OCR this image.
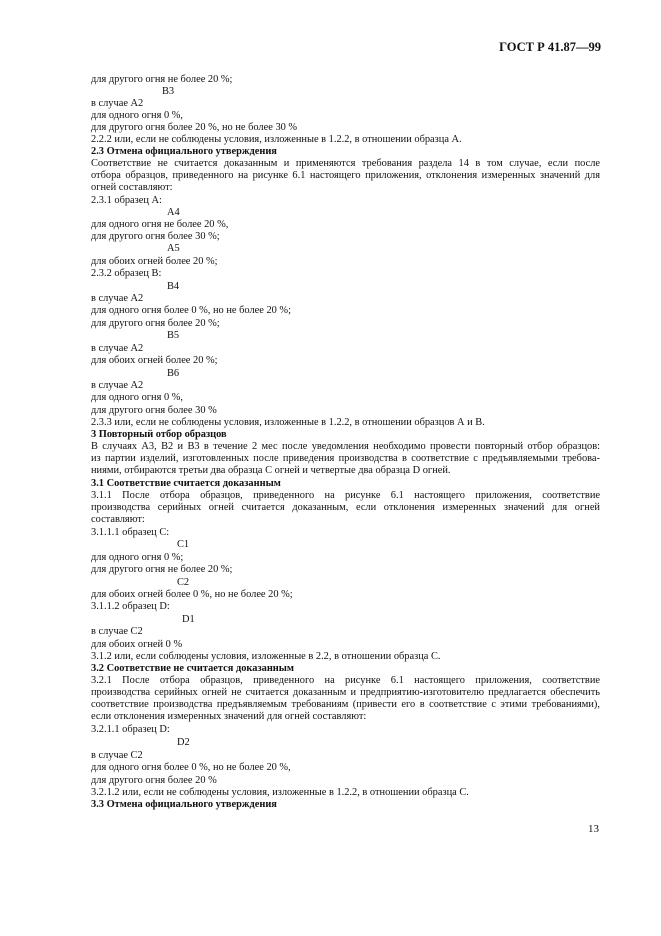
ГОСТ Р 41.87—99
для другого огня не более 20 %;
B3
в случае А2
для одного огня 0 %,
для другого огня более 20 %, но не более 30 %
2.2.2 или, если не соблюдены условия, изложенные в 1.2.2, в отношении образца А.
2.3 Отмена официального утверждения
Соответствие не считается доказанным и применяются требования раздела 14 в том случае, если после
отбора образцов, приведенного на рисунке 6.1 настоящего приложения, отклонения измеренных значений для
огней составляют:
2.3.1 образец А:
A4
для одного огня не более 20 %,
для другого огня более 30 %;
A5
для обоих огней более 20 %;
2.3.2 образец В:
B4
в случае А2
для одного огня более 0 %, но не более 20 %;
для другого огня более 20 %;
B5
в случае А2
для обоих огней более 20 %;
B6
в случае А2
для одного огня 0 %,
для другого огня более 30 %
2.3.3 или, если не соблюдены условия, изложенные в 1.2.2, в отношении образцов А и В.
3 Повторный отбор образцов
В случаях А3, В2 и В3 в течение 2 мес после уведомления необходимо провести повторный отбор образцов:
из партии изделий, изготовленных после приведения производства в соответствие с предъявляемыми требова-
ниями, отбираются третьи два образца С огней и четвертые два образца D огней.
3.1 Соответствие считается доказанным
3.1.1 После отбора образцов, приведенного на рисунке 6.1 настоящего приложения, соответствие
производства серийных огней считается доказанным, если отклонения измеренных значений для огней
составляют:
3.1.1.1 образец С:
C1
для одного огня 0 %;
для другого огня не более 20 %;
C2
для обоих огней более 0 %, но не более 20 %;
3.1.1.2 образец D:
D1
в случае С2
для обоих огней 0 %
3.1.2 или, если соблюдены условия, изложенные в 2.2, в отношении образца С.
3.2 Соответствие не считается доказанным
3.2.1 После отбора образцов, приведенного на рисунке 6.1 настоящего приложения, соответствие
производства серийных огней не считается доказанным и предприятию-изготовителю предлагается обеспечить
соответствие производства предъявляемым требованиям (привести его в соответствие с этими требованиями),
если отклонения измеренных значений для огней составляют:
3.2.1.1 образец D:
D2
в случае С2
для одного огня более 0 %, но не более 20 %,
для другого огня более 20 %
3.2.1.2 или, если не соблюдены условия, изложенные в 1.2.2, в отношении образца С.
3.3 Отмена официального утверждения
13
